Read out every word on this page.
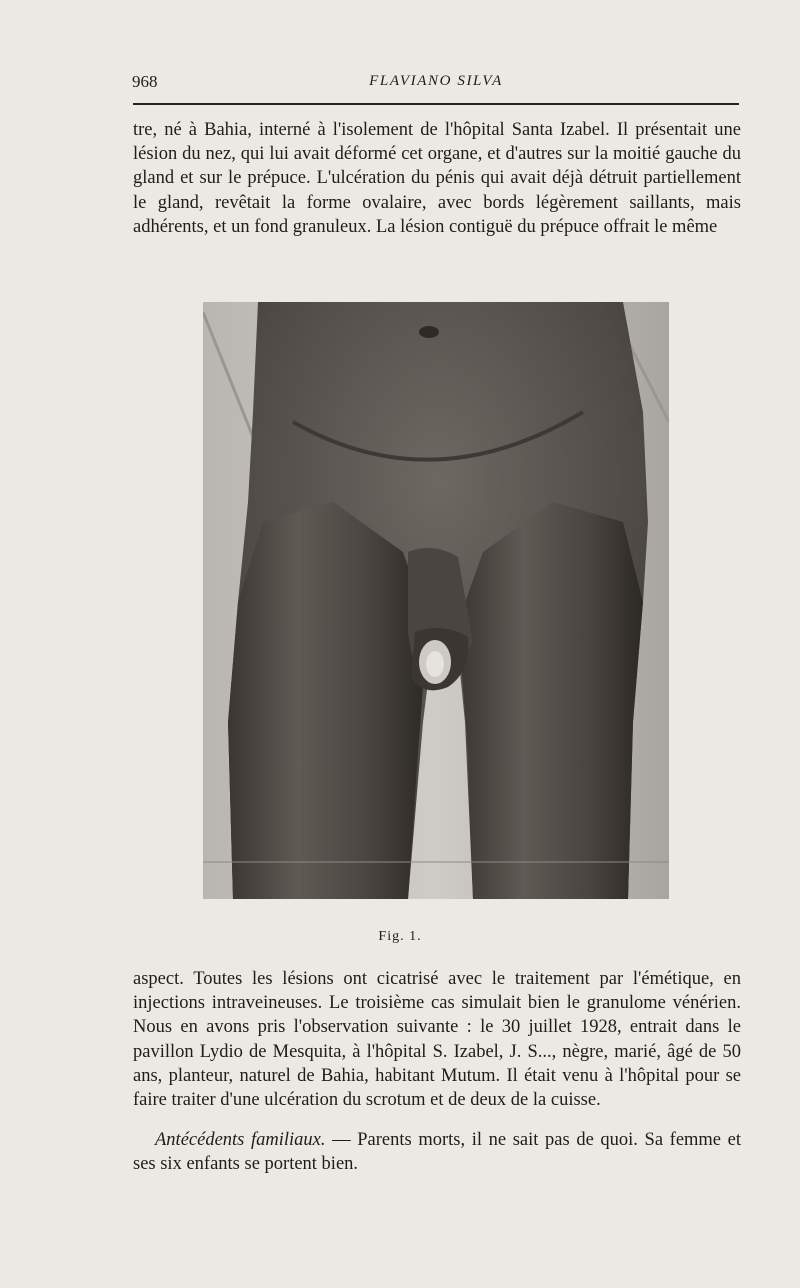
968	FLAVIANO SILVA

tre, né à Bahia, interné à l'isolement de l'hôpital Santa Izabel. Il présentait une lésion du nez, qui lui avait déformé cet organe, et d'autres sur la moitié gauche du gland et sur le prépuce. L'ulcération du pénis qui avait déjà détruit partiellement le gland, revêtait la forme ovalaire, avec bords légèrement saillants, mais adhérents, et un fond granuleux. La lésion contiguë du prépuce offrait le même

Fig. 1.

aspect. Toutes les lésions ont cicatrisé avec le traitement par l'émétique, en injections intraveineuses. Le troisième cas simulait bien le granulome vénérien. Nous en avons pris l'observation suivante : le 30 juillet 1928, entrait dans le pavillon Lydio de Mesquita, à l'hôpital S. Izabel, J. S..., nègre, marié, âgé de 50 ans, planteur, naturel de Bahia, habitant Mutum. Il était venu à l'hôpital pour se faire traiter d'une ulcération du scrotum et de deux de la cuisse.

Antécédents familiaux. — Parents morts, il ne sait pas de quoi. Sa femme et ses six enfants se portent bien.
